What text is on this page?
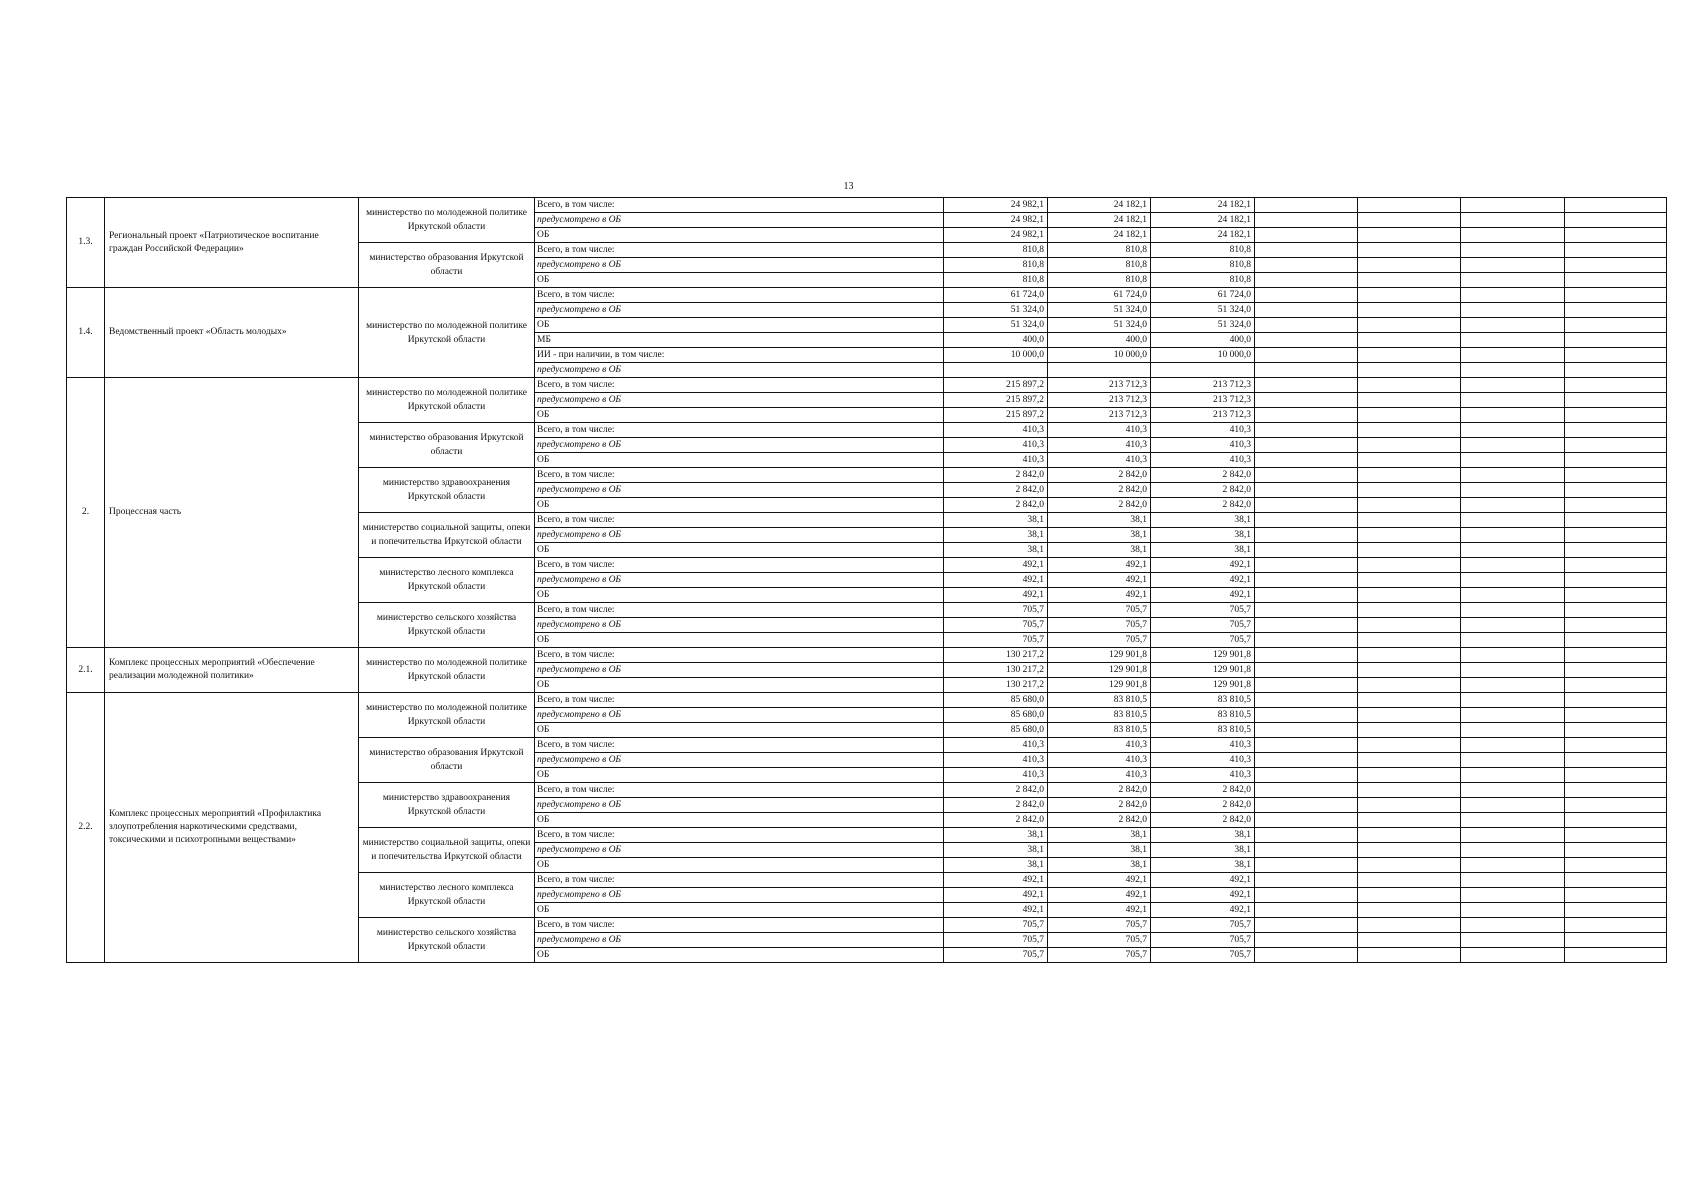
13
1.3.	Региональный проект «Патриотическое воспитание граждан Российской Федерации»	министерство по молодежной политике Иркутской области	Всего, в том числе:	24 982,1	24 182,1	24 182,1				
			предусмотрено в ОБ	24 982,1	24 182,1	24 182,1				
			ОБ	24 982,1	24 182,1	24 182,1				
		министерство образования Иркутской области	Всего, в том числе:	810,8	810,8	810,8				
			предусмотрено в ОБ	810,8	810,8	810,8				
			ОБ	810,8	810,8	810,8				
1.4.	Ведомственный проект «Область молодых»	министерство по молодежной политике Иркутской области	Всего, в том числе:	61 724,0	61 724,0	61 724,0				
			предусмотрено в ОБ	51 324,0	51 324,0	51 324,0				
			ОБ	51 324,0	51 324,0	51 324,0				
			МБ	400,0	400,0	400,0				
			ИИ - при наличии, в том числе:	10 000,0	10 000,0	10 000,0				
			предусмотрено в ОБ							
2.	Процессная часть	министерство по молодежной политике Иркутской области	Всего, в том числе:	215 897,2	213 712,3	213 712,3				
			предусмотрено в ОБ	215 897,2	213 712,3	213 712,3				
			ОБ	215 897,2	213 712,3	213 712,3				
		министерство образования Иркутской области	Всего, в том числе:	410,3	410,3	410,3				
			предусмотрено в ОБ	410,3	410,3	410,3				
			ОБ	410,3	410,3	410,3				
		министерство здравоохранения Иркутской области	Всего, в том числе:	2 842,0	2 842,0	2 842,0				
			предусмотрено в ОБ	2 842,0	2 842,0	2 842,0				
			ОБ	2 842,0	2 842,0	2 842,0				
		министерство социальной защиты, опеки и попечительства Иркутской области	Всего, в том числе:	38,1	38,1	38,1				
			предусмотрено в ОБ	38,1	38,1	38,1				
			ОБ	38,1	38,1	38,1				
		министерство лесного комплекса Иркутской области	Всего, в том числе:	492,1	492,1	492,1				
			предусмотрено в ОБ	492,1	492,1	492,1				
			ОБ	492,1	492,1	492,1				
		министерство сельского хозяйства Иркутской области	Всего, в том числе:	705,7	705,7	705,7				
			предусмотрено в ОБ	705,7	705,7	705,7				
			ОБ	705,7	705,7	705,7				
2.1.	Комплекс процессных мероприятий «Обеспечение реализации молодежной политики»	министерство по молодежной политике Иркутской области	Всего, в том числе:	130 217,2	129 901,8	129 901,8				
			предусмотрено в ОБ	130 217,2	129 901,8	129 901,8				
			ОБ	130 217,2	129 901,8	129 901,8				
2.2.	Комплекс процессных мероприятий «Профилактика злоупотребления наркотическими средствами, токсическими и психотропными веществами»	министерство по молодежной политике Иркутской области	Всего, в том числе:	85 680,0	83 810,5	83 810,5				
			предусмотрено в ОБ	85 680,0	83 810,5	83 810,5				
			ОБ	85 680,0	83 810,5	83 810,5				
		министерство образования Иркутской области	Всего, в том числе:	410,3	410,3	410,3				
			предусмотрено в ОБ	410,3	410,3	410,3				
			ОБ	410,3	410,3	410,3				
		министерство здравоохранения Иркутской области	Всего, в том числе:	2 842,0	2 842,0	2 842,0				
			предусмотрено в ОБ	2 842,0	2 842,0	2 842,0				
			ОБ	2 842,0	2 842,0	2 842,0				
		министерство социальной защиты, опеки и попечительства Иркутской области	Всего, в том числе:	38,1	38,1	38,1				
			предусмотрено в ОБ	38,1	38,1	38,1				
			ОБ	38,1	38,1	38,1				
		министерство лесного комплекса Иркутской области	Всего, в том числе:	492,1	492,1	492,1				
			предусмотрено в ОБ	492,1	492,1	492,1				
			ОБ	492,1	492,1	492,1				
		министерство сельского хозяйства Иркутской области	Всего, в том числе:	705,7	705,7	705,7				
			предусмотрено в ОБ	705,7	705,7	705,7				
			ОБ	705,7	705,7	705,7				
